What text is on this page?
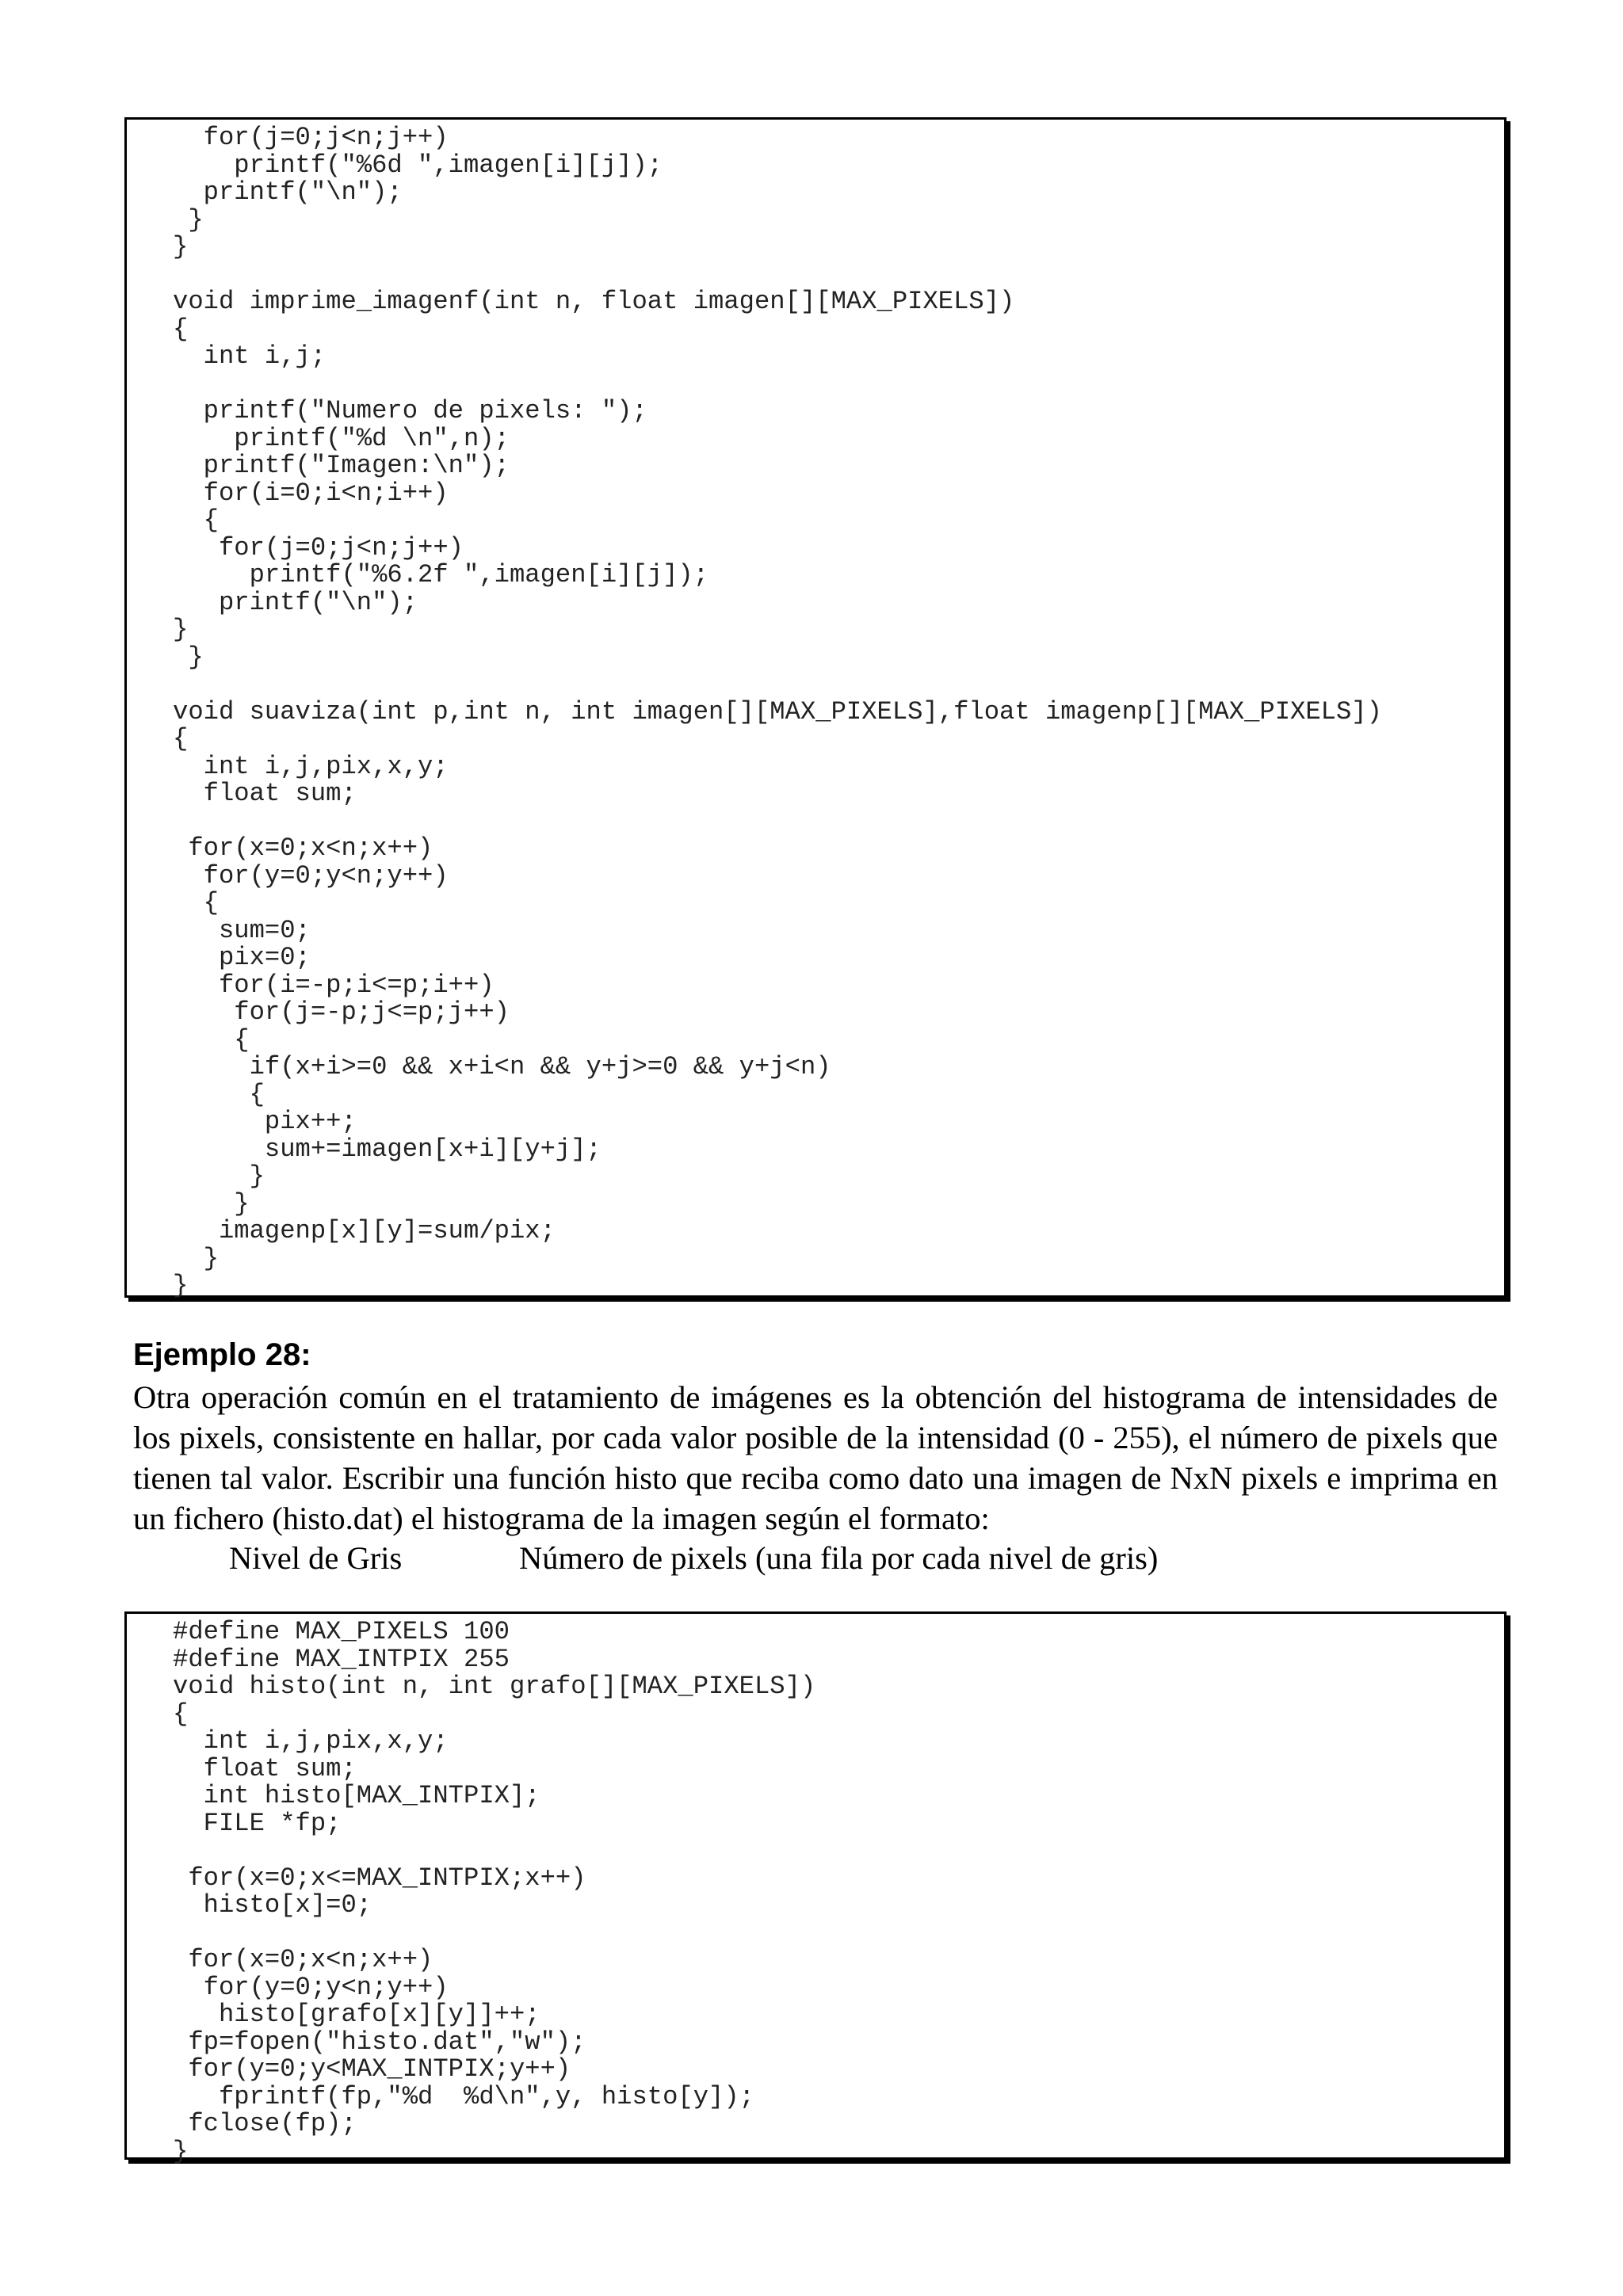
for(j=0;j<n;j++)
printf("%6d ",imagen[i][j]);
printf("\n");
}
}
void imprime_imagenf(int n, float imagen[][MAX_PIXELS])
{
int i,j;
printf("Numero de pixels: ");
printf("%d \n",n);
printf("Imagen:\n");
for(i=0;i<n;i++)
{
for(j=0;j<n;j++)
printf("%6.2f ",imagen[i][j]);
printf("\n");
}
}
void suaviza(int p,int n, int imagen[][MAX_PIXELS],float imagenp[][MAX_PIXELS])
{
int i,j,pix,x,y;
float sum;
for(x=0;x<n;x++)
for(y=0;y<n;y++)
{
sum=0;
pix=0;
for(i=-p;i<=p;i++)
for(j=-p;j<=p;j++)
{
if(x+i>=0 && x+i<n && y+j>=0 && y+j<n)
{
pix++;
sum+=imagen[x+i][y+j];
}
}
imagenp[x][y]=sum/pix;
}
}
Ejemplo 28:
Otra operación común en el tratamiento de imágenes es la obtención del histograma de intensidades de los pixels, consistente en hallar, por cada valor posible de la intensidad (0 - 255), el número de pixels que tienen tal valor. Escribir una función histo que reciba como dato una imagen de NxN pixels e imprima en un fichero (histo.dat) el histograma de la imagen según el formato:
Nivel de Gris	Número de pixels (una fila por cada nivel de gris)
#define MAX_PIXELS 100
#define MAX_INTPIX 255
void histo(int n, int grafo[][MAX_PIXELS])
{
int i,j,pix,x,y;
float sum;
int histo[MAX_INTPIX];
FILE *fp;
for(x=0;x<=MAX_INTPIX;x++)
histo[x]=0;
for(x=0;x<n;x++)
for(y=0;y<n;y++)
histo[grafo[x][y]]++;
fp=fopen("histo.dat","w");
for(y=0;y<MAX_INTPIX;y++)
fprintf(fp,"%d  %d\n",y, histo[y]);
fclose(fp);
}
